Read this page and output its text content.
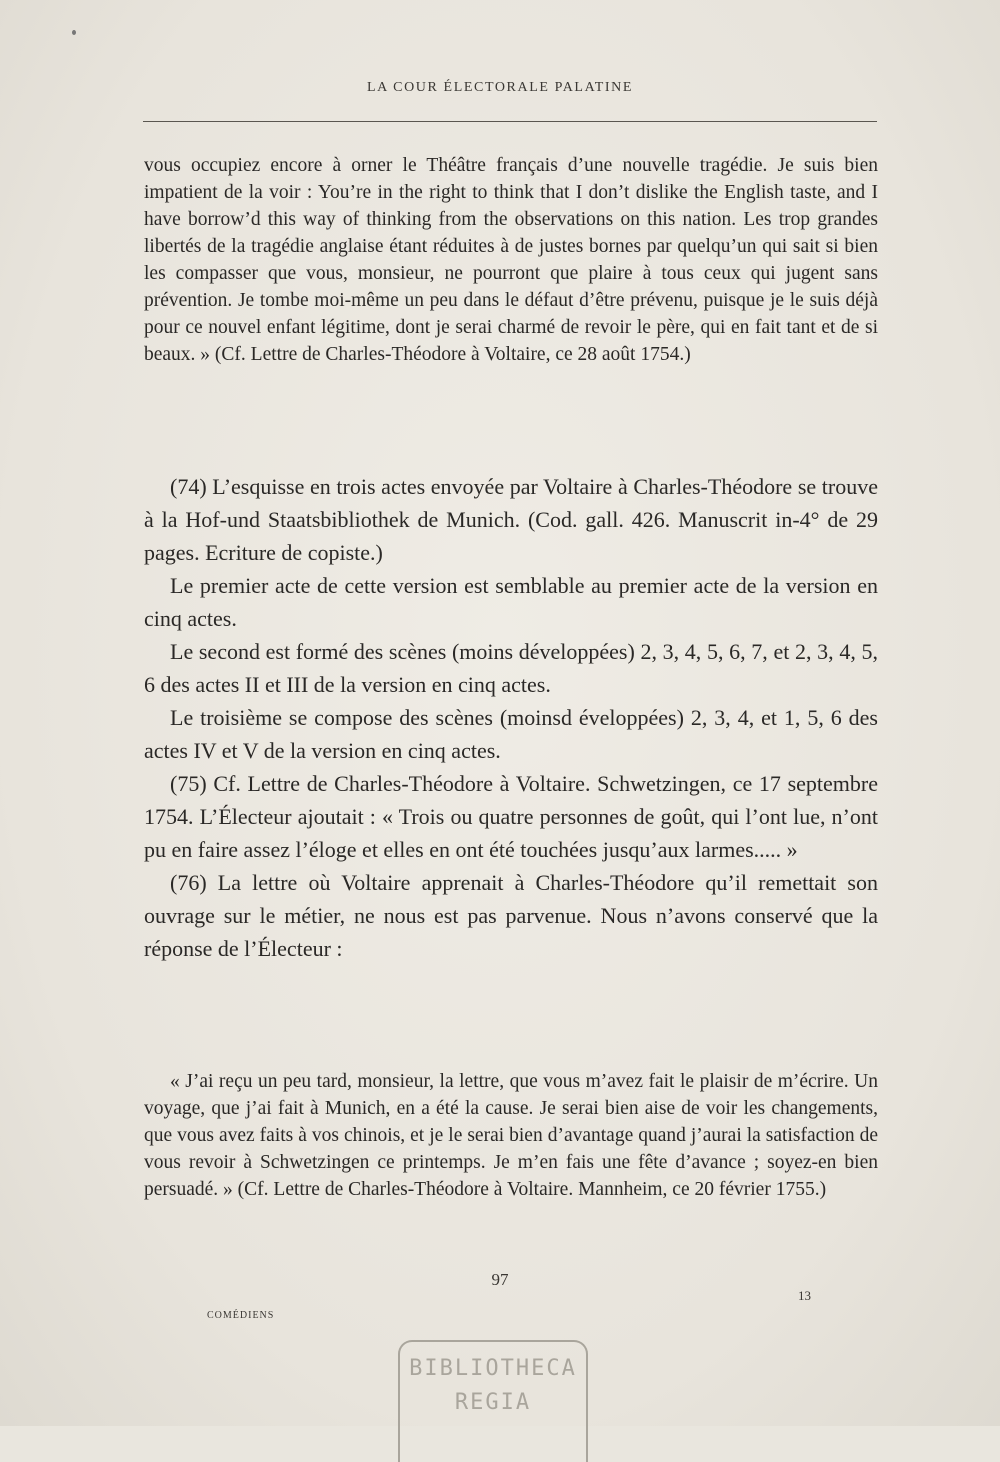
LA COUR ÉLECTORALE PALATINE

vous occupiez encore à orner le Théâtre français d’une nouvelle tragédie. Je suis bien impatient de la voir : You’re in the right to think that I don’t dislike the English taste, and I have borrow’d this way of thinking from the observations on this nation. Les trop grandes libertés de la tragédie anglaise étant réduites à de justes bornes par quelqu’un qui sait si bien les compasser que vous, monsieur, ne pourront que plaire à tous ceux qui jugent sans prévention. Je tombe moi-même un peu dans le défaut d’être prévenu, puisque je le suis déjà pour ce nouvel enfant légitime, dont je serai charmé de revoir le père, qui en fait tant et de si beaux. » (Cf. Lettre de Charles-Théodore à Voltaire, ce 28 août 1754.)

(74) L’esquisse en trois actes envoyée par Voltaire à Charles-Théodore se trouve à la Hof-und Staatsbibliothek de Munich. (Cod. gall. 426. Manuscrit in-4° de 29 pages. Ecriture de copiste.)

Le premier acte de cette version est semblable au premier acte de la version en cinq actes.

Le second est formé des scènes (moins développées) 2, 3, 4, 5, 6, 7, et 2, 3, 4, 5, 6 des actes II et III de la version en cinq actes.

Le troisième se compose des scènes (moinsd éveloppées) 2, 3, 4, et 1, 5, 6 des actes IV et V de la version en cinq actes.

(75) Cf. Lettre de Charles-Théodore à Voltaire. Schwetzingen, ce 17 septembre 1754. L’Électeur ajoutait : « Trois ou quatre personnes de goût, qui l’ont lue, n’ont pu en faire assez l’éloge et elles en ont été touchées jusqu’aux larmes..... »

(76) La lettre où Voltaire apprenait à Charles-Théodore qu’il remettait son ouvrage sur le métier, ne nous est pas parvenue. Nous n’avons conservé que la réponse de l’Électeur :

« J’ai reçu un peu tard, monsieur, la lettre, que vous m’avez fait le plaisir de m’écrire. Un voyage, que j’ai fait à Munich, en a été la cause. Je serai bien aise de voir les changements, que vous avez faits à vos chinois, et je le serai bien d’avantage quand j’aurai la satisfaction de vous revoir à Schwetzingen ce printemps. Je m’en fais une fête d’avance ; soyez-en bien persuadé. » (Cf. Lettre de Charles-Théodore à Voltaire. Mannheim, ce 20 février 1755.)

97
COMÉDIENS
13
BIBLIOTHECA
REGIA
